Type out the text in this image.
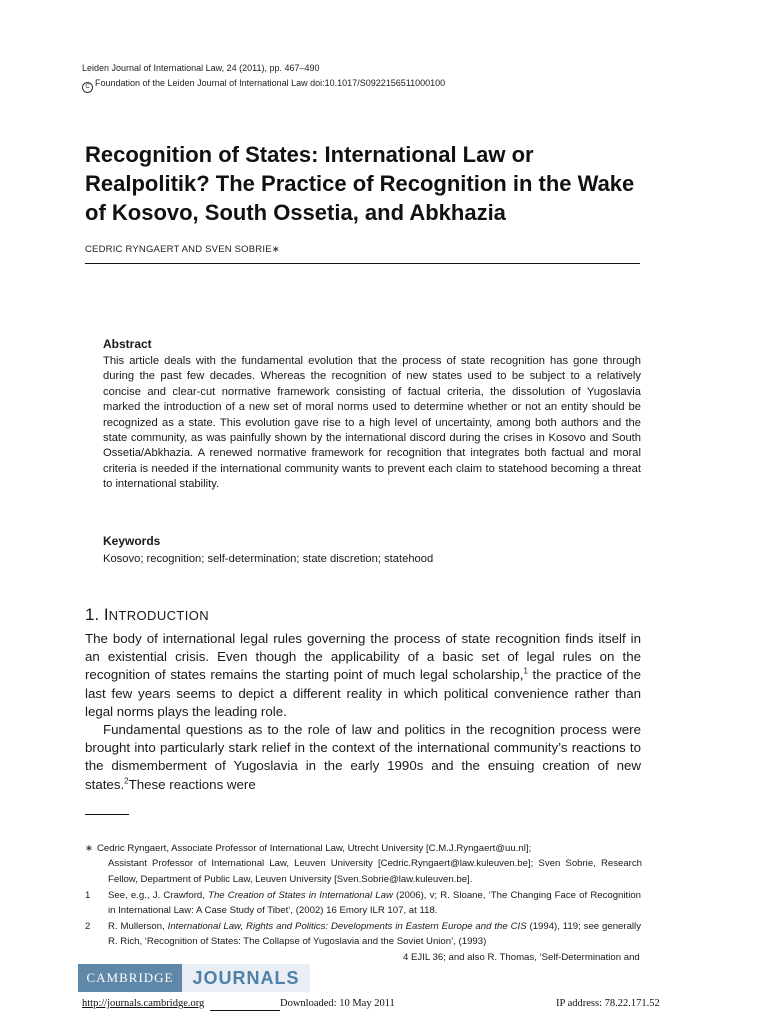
Leiden Journal of International Law, 24 (2011), pp. 467–490
C Foundation of the Leiden Journal of International Law doi:10.1017/S0922156511000100
Recognition of States: International Law or Realpolitik? The Practice of Recognition in the Wake of Kosovo, South Ossetia, and Abkhazia
CEDRIC RYNGAERT AND SVEN SOBRIE∗
Abstract
This article deals with the fundamental evolution that the process of state recognition has gone through during the past few decades. Whereas the recognition of new states used to be subject to a relatively concise and clear-cut normative framework consisting of factual criteria, the dissolution of Yugoslavia marked the introduction of a new set of moral norms used to determine whether or not an entity should be recognized as a state. This evolution gave rise to a high level of uncertainty, among both authors and the state community, as was painfully shown by the international discord during the crises in Kosovo and South Ossetia/Abkhazia. A renewed normative framework for recognition that integrates both factual and moral criteria is needed if the international community wants to prevent each claim to statehood becoming a threat to international stability.
Keywords
Kosovo; recognition; self-determination; state discretion; statehood
1. INTRODUCTION

The body of international legal rules governing the process of state recognition finds itself in an existential crisis. Even though the applicability of a basic set of legal rules on the recognition of states remains the starting point of much legal scholarship,$^1$ the practice of the last few years seems to depict a different reality in which political convenience rather than legal norms plays the leading role.

Fundamental questions as to the role of law and politics in the recognition process were brought into particularly stark relief in the context of the international community’s reactions to the dismemberment of Yugoslavia in the early 1990s and the ensuing creation of new states.$^2$These reactions were

∗ Cedric Ryngaert, Associate Professor of International Law, Utrecht University [C.M.J.Ryngaert@uu.nl];
Assistant Professor of International Law, Leuven University [Cedric.Ryngaert@law.kuleuven.be]; Sven Sobrie, Research Fellow, Department of Public Law, Leuven University [Sven.Sobrie@law.kuleuven.be].
1 See, e.g., J. Crawford, The Creation of States in International Law (2006), v; R. Sloane, ‘The Changing Face of Recognition in International Law: A Case Study of Tibet’, (2002) 16 Emory ILR 107, at 118.
2 R. Mullerson, International Law, Rights and Politics: Developments in Eastern Europe and the CIS (1994), 119; see generally R. Rich, ‘Recognition of States: The Collapse of Yugoslavia and the Soviet Union’, (1993)
4 EJIL 36; and also R. Thomas, ‘Self-Determination and
CAMBRIDGE	JOURNALS
http://journals.cambridge.org	Downloaded: 10 May 2011	IP address: 78.22.171.52
